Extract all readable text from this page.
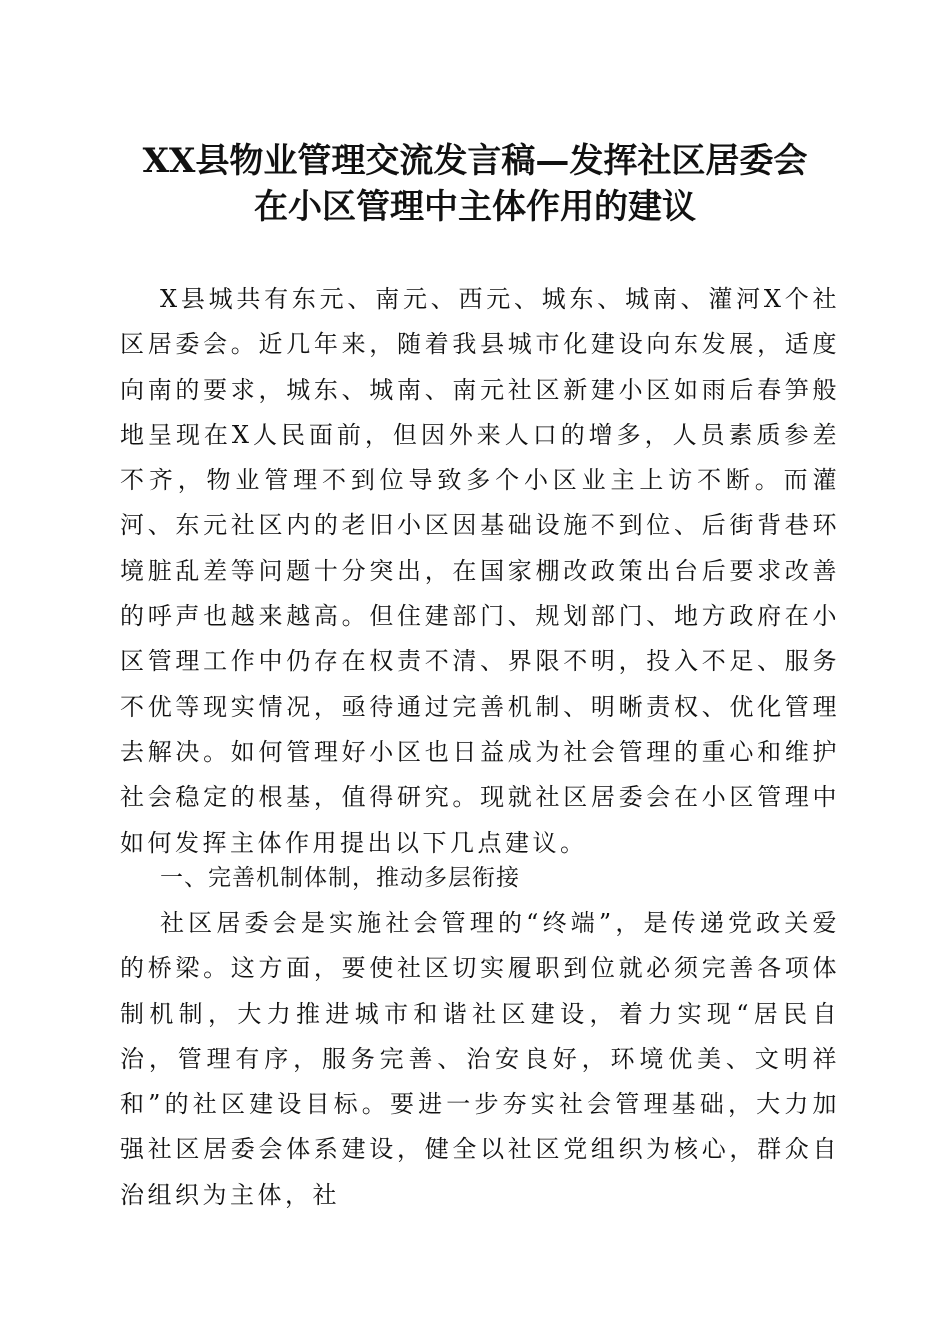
XX县物业管理交流发言稿—发挥社区居委会
在小区管理中主体作用的建议

X县城共有东元、南元、西元、城东、城南、灌河X个社区居委会。近几年来，随着我县城市化建设向东发展，适度向南的要求，城东、城南、南元社区新建小区如雨后春笋般地呈现在X人民面前，但因外来人口的增多，人员素质参差不齐，物业管理不到位导致多个小区业主上访不断。而灌河、东元社区内的老旧小区因基础设施不到位、后街背巷环境脏乱差等问题十分突出，在国家棚改政策出台后要求改善的呼声也越来越高。但住建部门、规划部门、地方政府在小区管理工作中仍存在权责不清、界限不明，投入不足、服务不优等现实情况，亟待通过完善机制、明晰责权、优化管理去解决。如何管理好小区也日益成为社会管理的重心和维护社会稳定的根基，值得研究。现就社区居委会在小区管理中如何发挥主体作用提出以下几点建议。

一、完善机制体制，推动多层衔接

社区居委会是实施社会管理的“终端”，是传递党政关爱的桥梁。这方面，要使社区切实履职到位就必须完善各项体制机制，大力推进城市和谐社区建设，着力实现“居民自治，管理有序，服务完善、治安良好，环境优美、文明祥和”的社区建设目标。要进一步夯实社会管理基础，大力加强社区居委会体系建设，健全以社区党组织为核心，群众自治组织为主体，社
